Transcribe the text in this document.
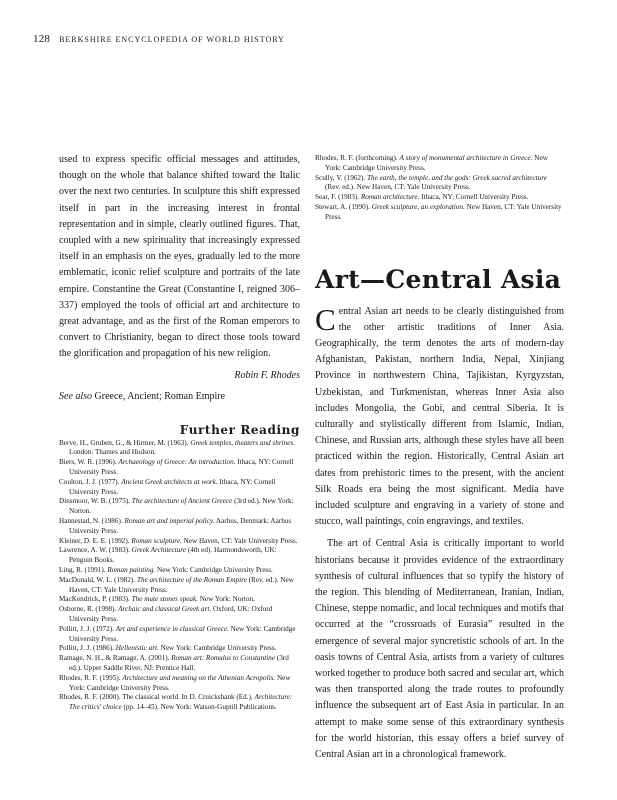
128 BERKSHIRE ENCYCLOPEDIA OF WORLD HISTORY

used to express specific official messages and attitudes, though on the whole that balance shifted toward the Italic over the next two centuries. In sculpture this shift expressed itself in part in the increasing interest in frontal representation and in simple, clearly outlined figures. That, coupled with a new spirituality that increasingly expressed itself in an emphasis on the eyes, gradually led to the more emblematic, iconic relief sculpture and portraits of the late empire. Constantine the Great (Constantine I, reigned 306–337) employed the tools of official art and architecture to great advantage, and as the first of the Roman emperors to convert to Christianity, began to direct those tools toward the glorification and propagation of his new religion.

Robin F. Rhodes
See also Greece, Ancient; Roman Empire
Further Reading
Berve, H., Gruben, G., & Hirmer, M. (1963). Greek temples, theaters and shrines. London: Thames and Hudson.
Biers, W. R. (1996). Archaeology of Greece: An introduction. Ithaca, NY: Cornell University Press.
Coulton, J. J. (1977). Ancient Greek architects at work. Ithaca, NY: Cornell University Press.
Dinsmoor, W. B. (1975). The architecture of Ancient Greece (3rd ed.). New York: Norton.
Hannestad, N. (1986). Roman art and imperial policy. Aarhus, Denmark: Aarhus University Press.
Kleiner, D. E. E. (1992). Roman sculpture. New Haven, CT: Yale University Press.
Lawrence, A. W. (1983). Greek Architecture (4th ed). Harmondsworth, UK: Penguin Books.
Ling, R. (1991). Roman painting. New York: Cambridge University Press.
MacDonald, W. L. (1982). The architecture of the Roman Empire (Rev. ed.). New Haven, CT: Yale University Press.
MacKendrick, P. (1983). The mute stones speak. New York: Norton.
Osborne, R. (1998). Archaic and classical Greek art. Oxford, UK: Oxford University Press.
Pollitt, J. J. (1972). Art and experience in classical Greece. New York: Cambridge University Press.
Pollitt, J. J. (1986). Hellenistic art. New York: Cambridge University Press.
Ramage, N. H., & Ramage, A. (2001). Roman art: Romulus to Constantine (3rd ed.). Upper Saddle River, NJ: Prentice Hall.
Rhodes, R. F. (1995). Architecture and meaning on the Athenian Acropolis. New York: Cambridge University Press.
Rhodes, R. F. (2000). The classical world. In D. Cruickshank (Ed.), Architecture: The critics' choice (pp. 14–45). New York: Watson-Guptill Publications.
Rhodes, R. F. (forthcoming). A story of monumental architecture in Greece. New York: Cambridge University Press.
Scully, V. (1962). The earth, the temple, and the gods: Greek sacred architecture (Rev. ed.). New Haven, CT: Yale University Press.
Sear, F. (1983). Roman architecture. Ithaca, NY: Cornell University Press.
Stewart, A. (1990). Greek sculpture, an exploration. New Haven, CT: Yale University Press.
Art—Central Asia

Central Asian art needs to be clearly distinguished from the other artistic traditions of Inner Asia. Geographically, the term denotes the arts of modern-day Afghanistan, Pakistan, northern India, Nepal, Xinjiang Province in northwestern China, Tajikistan, Kyrgyzstan, Uzbekistan, and Turkmenistan, whereas Inner Asia also includes Mongolia, the Gobi, and central Siberia. It is culturally and stylistically different from Islamic, Indian, Chinese, and Russian arts, although these styles have all been practiced within the region. Historically, Central Asian art dates from prehistoric times to the present, with the ancient Silk Roads era being the most significant. Media have included sculpture and engraving in a variety of stone and stucco, wall paintings, coin engravings, and textiles.

The art of Central Asia is critically important to world historians because it provides evidence of the extraordinary synthesis of cultural influences that so typify the history of the region. This blending of Mediterranean, Iranian, Indian, Chinese, steppe nomadic, and local techniques and motifs that occurred at the “crossroads of Eurasia” resulted in the emergence of several major syncretistic schools of art. In the oasis towns of Central Asia, artists from a variety of cultures worked together to produce both sacred and secular art, which was then transported along the trade routes to profoundly influence the subsequent art of East Asia in particular. In an attempt to make some sense of this extraordinary synthesis for the world historian, this essay offers a brief survey of Central Asian art in a chronological framework.
